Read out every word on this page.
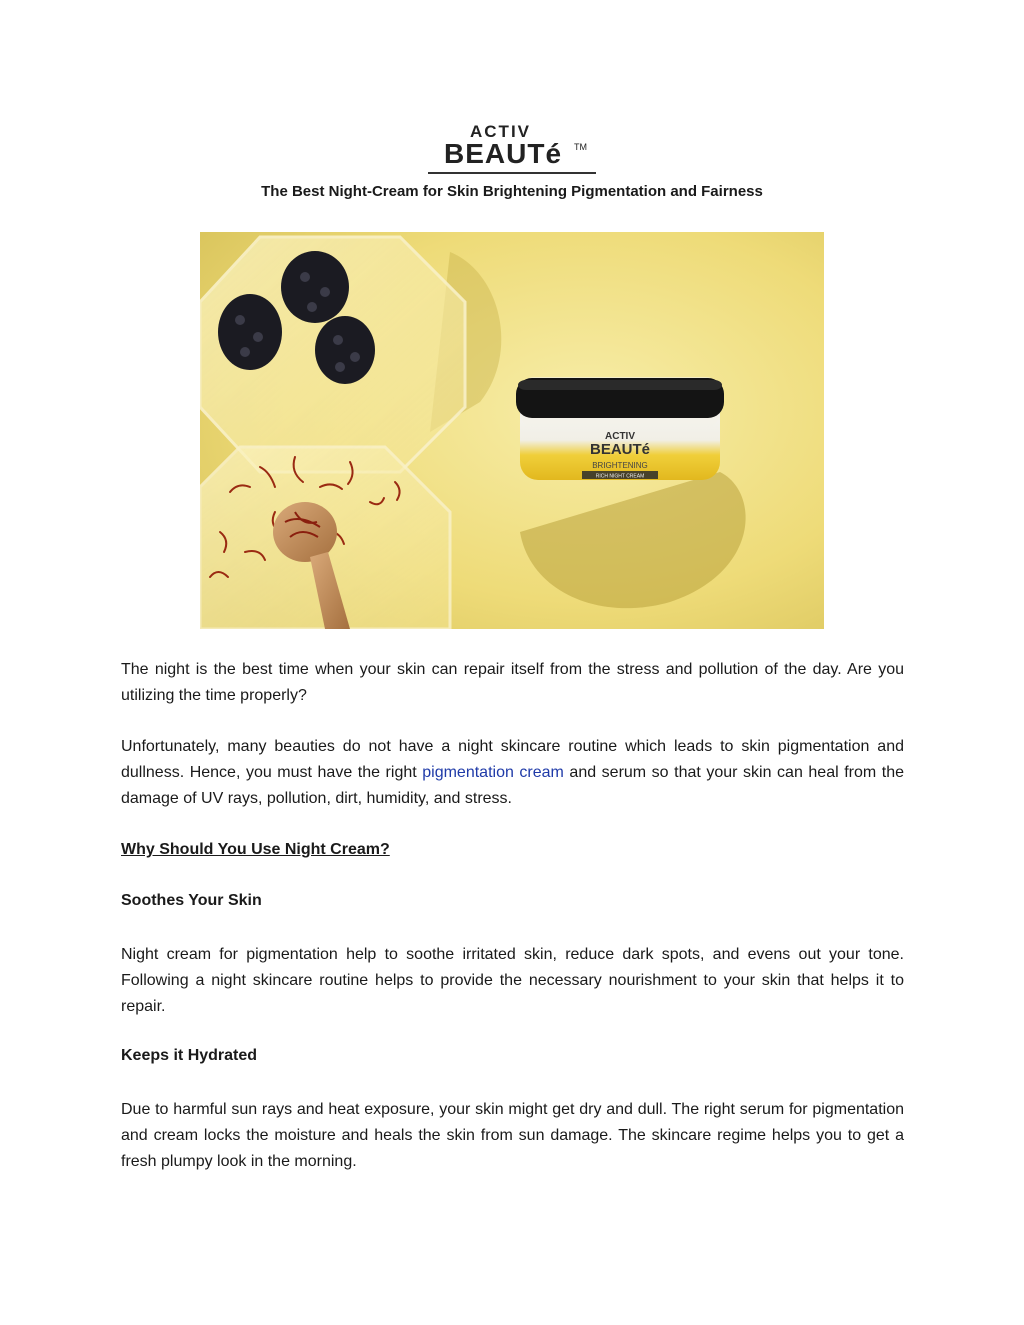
ACTIV
BEAUTé TM
The Best Night-Cream for Skin Brightening Pigmentation and Fairness
ACTIV
BEAUTé
BRIGHTENING
RICH NIGHT CREAM

The night is the best time when your skin can repair itself from the stress and pollution of the day. Are you utilizing the time properly?

Unfortunately, many beauties do not have a night skincare routine which leads to skin pigmentation and dullness. Hence, you must have the right pigmentation cream and serum so that your skin can heal from the damage of UV rays, pollution, dirt, humidity, and stress.

Why Should You Use Night Cream?

Soothes Your Skin

Night cream for pigmentation help to soothe irritated skin, reduce dark spots, and evens out your tone. Following a night skincare routine helps to provide the necessary nourishment to your skin that helps it to repair.

Keeps it Hydrated

Due to harmful sun rays and heat exposure, your skin might get dry and dull. The right serum for pigmentation and cream locks the moisture and heals the skin from sun damage. The skincare regime helps you to get a fresh plumpy look in the morning.
